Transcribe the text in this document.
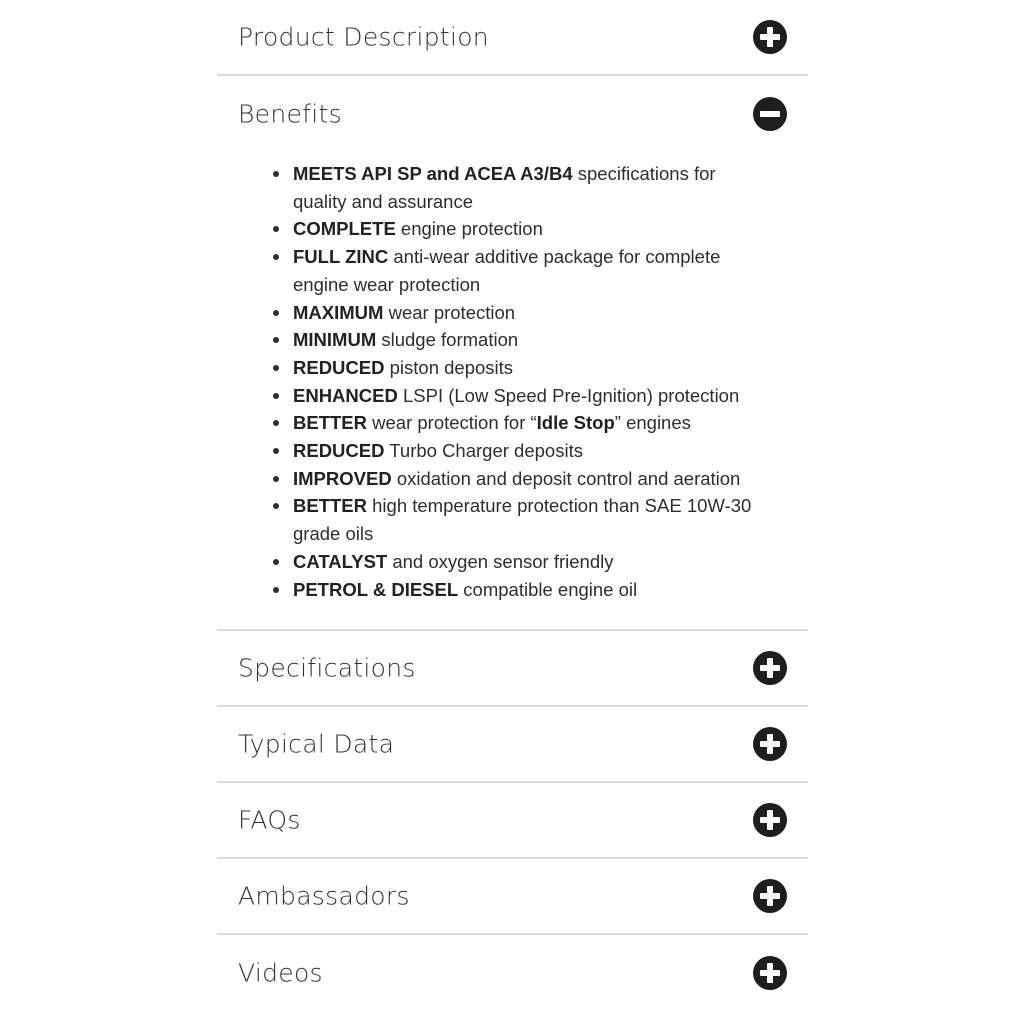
Product Description
Benefits
MEETS API SP and ACEA A3/B4 specifications for quality and assurance
COMPLETE engine protection
FULL ZINC anti-wear additive package for complete engine wear protection
MAXIMUM wear protection
MINIMUM sludge formation
REDUCED piston deposits
ENHANCED LSPI (Low Speed Pre-Ignition) protection
BETTER wear protection for “Idle Stop” engines
REDUCED Turbo Charger deposits
IMPROVED oxidation and deposit control and aeration
BETTER high temperature protection than SAE 10W-30 grade oils
CATALYST and oxygen sensor friendly
PETROL & DIESEL compatible engine oil
Specifications
Typical Data
FAQs
Ambassadors
Videos
